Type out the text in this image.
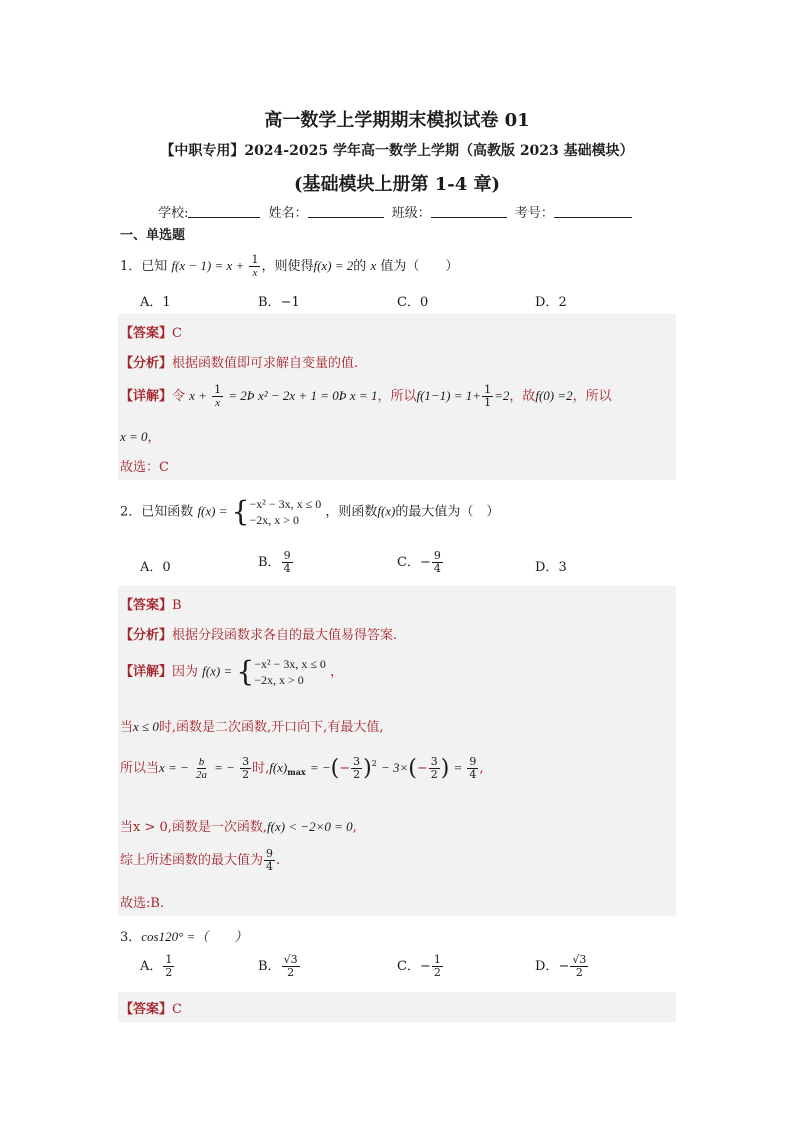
高一数学上学期期末模拟试卷 01
【中职专用】2024-2025 学年高一数学上学期（高教版 2023 基础模块）
(基础模块上册第 1-4 章)
学校:	姓名：	班级：	考号：
一、单选题
1．已知 $f(x - 1) = x + \frac{1}{x}$ ，则使得f(x) = 2的 x 值为（　　）
A．1	B．−1	C．0	D．2
【答案】C
【分析】根据函数值即可求解自变量的值.
【详解】令 $x + \frac{1}{x}$ = 2Þ x² − 2x + 1 = 0Þ x = 1，所以$f(1-1) = 1+ \frac{1}{1} =2$，故f(0) =2，所以
x = 0，
故选：C
2．已知函数 f(x) = { −x² − 3x, x ≤ 0
−2x, x > 0
，则函数f(x)的最大值为（　）
A．0	B． $\frac{9}{4}$	C．− $\frac{9}{4}$	D．3
【答案】B
【分析】根据分段函数求各自的最大值易得答案.
【详解】因为 f(x) = { −x² − 3x, x ≤ 0
−2x, x > 0
，
当x ≤ 0时,函数是二次函数,开口向下,有最大值,
所以当x = − $\frac{b}{2a}$ = − $\frac{3}{2}$ 时$,f(x)_{max}$ = −(− $\frac{3}{2} )^2 - 3\times(- \frac{3}{2}$ ) = $\frac{9}{4}$ ,
当x > 0,函数是一次函数,f(x) < −2×0 = 0,
综上所述函数的最大值为 $\frac{9}{4}$ .
故选:B.
3．cos120° =（　　）
A． $\frac{1}{2}$	B． $\frac{√3}{2}$	C．− $\frac{1}{2}$	D．− $\frac{√3}{2}$
【答案】C
